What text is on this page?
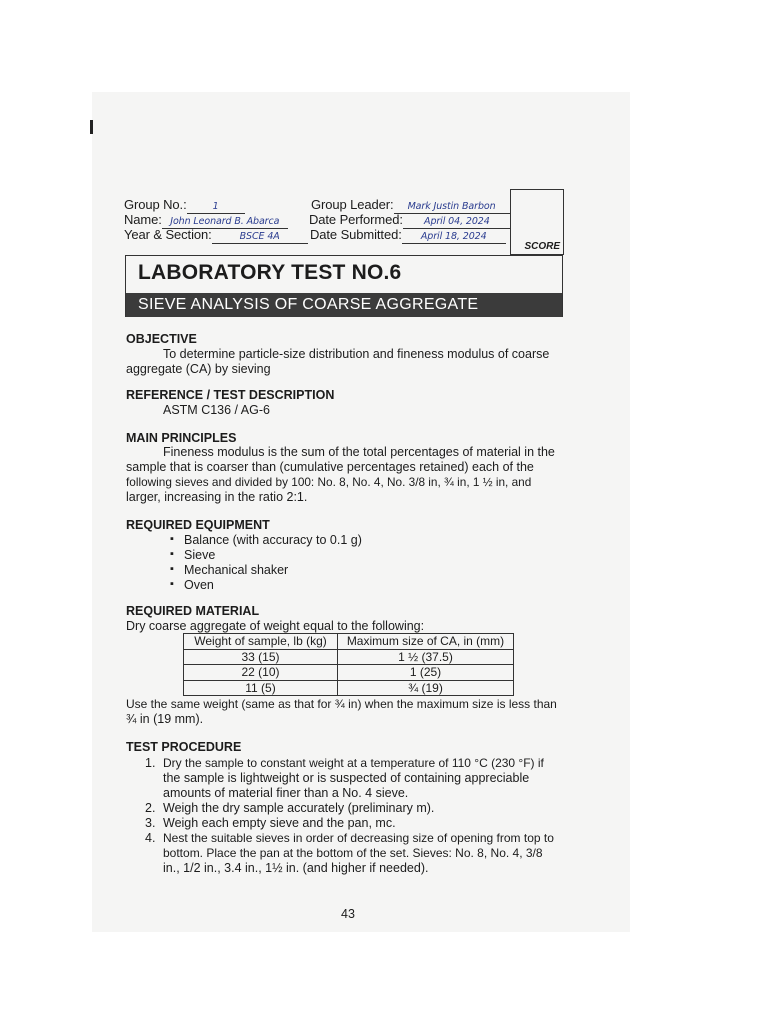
Group No.:	1
Name: John Leonard B. Abarca
Year & Section:	BSCE 4A
Group Leader: Mark Justin Barbon
Date Performed: April 04, 2024
Date Submitted: April 18, 2024
SCORE
LABORATORY TEST NO.6
SIEVE ANALYSIS OF COARSE AGGREGATE
OBJECTIVE
To determine particle-size distribution and fineness modulus of coarse
aggregate (CA) by sieving
REFERENCE / TEST DESCRIPTION
ASTM C136 / AG-6
MAIN PRINCIPLES
Fineness modulus is the sum of the total percentages of material in the
sample that is coarser than (cumulative percentages retained) each of the
following sieves and divided by 100: No. 8, No. 4, No. 3/8 in, ¾ in, 1 ½ in, and
larger, increasing in the ratio 2:1.
REQUIRED EQUIPMENT
▪ Balance (with accuracy to 0.1 g)
▪ Sieve
▪ Mechanical shaker
▪ Oven
REQUIRED MATERIAL
Dry coarse aggregate of weight equal to the following:
Weight of sample, lb (kg)	Maximum size of CA, in (mm)
33 (15)	1 ½ (37.5)
22 (10)	1 (25)
11 (5)	¾ (19)
Use the same weight (same as that for ¾ in) when the maximum size is less than
¾ in (19 mm).
TEST PROCEDURE
1. Dry the sample to constant weight at a temperature of 110 °C (230 °F) if
the sample is lightweight or is suspected of containing appreciable
amounts of material finer than a No. 4 sieve.
2. Weigh the dry sample accurately (preliminary m).
3. Weigh each empty sieve and the pan, mc.
4. Nest the suitable sieves in order of decreasing size of opening from top to
bottom. Place the pan at the bottom of the set. Sieves: No. 8, No. 4, 3/8
in., 1/2 in., 3.4 in., 1½ in. (and higher if needed).
43
